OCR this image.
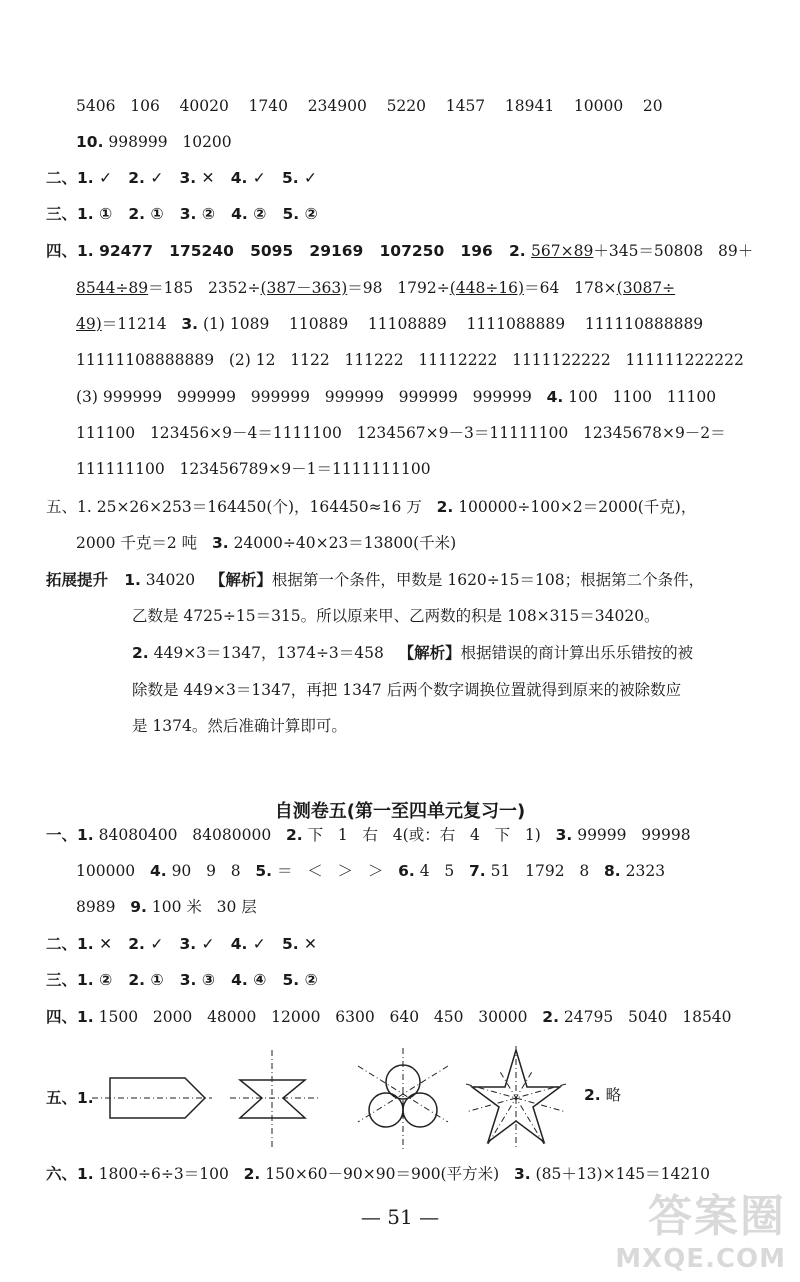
5406   106    40020    1740    234900    5220    1457    18941    10000    20
10. 998999   10200
二、1. ✓   2. ✓   3. ✕   4. ✓   5. ✓
三、1. ①   2. ①   3. ②   4. ②   5. ②
四、1. 92477   175240   5095   29169   107250   196   2. 567×89＋345＝50808   89＋
8544÷89＝185   2352÷(387－363)＝98   1792÷(448÷16)＝64   178×(3087÷
49)＝11214   3. (1) 1089    110889    11108889    1111088889    111110888889
11111108888889   (2) 12   1122   111222   11112222   1111122222   111111222222
(3) 999999   999999   999999   999999   999999   999999   4. 100   1100   11100
111100   123456×9－4＝1111100   1234567×9－3＝11111100   12345678×9－2＝
111111100   123456789×9－1＝1111111100
五、1. 25×26×253＝164450(个)，164450≈16 万   2. 100000÷100×2＝2000(千克)，
2000 千克＝2 吨   3. 24000÷40×23＝13800(千米)
拓展提升   1. 34020   【解析】根据第一个条件，甲数是 1620÷15＝108；根据第二个条件，
乙数是 4725÷15＝315。所以原来甲、乙两数的积是 108×315＝34020。
2. 449×3＝1347，1374÷3＝458   【解析】根据错误的商计算出乐乐错按的被
除数是 449×3＝1347，再把 1347 后两个数字调换位置就得到原来的被除数应
是 1374。然后准确计算即可。
自测卷五(第一至四单元复习一)
一、1. 84080400   84080000   2. 下   1   右   4(或：右   4   下   1)   3. 99999   99998
100000   4. 90   9   8   5. ＝   ＜   ＞   ＞   6. 4   5   7. 51   1792   8   8. 2323
8989   9. 100 米   30 层
二、1. ✕   2. ✓   3. ✓   4. ✓   5. ✕
三、1. ②   2. ①   3. ③   4. ④   5. ②
四、1. 1500   2000   48000   12000   6300   640   450   30000   2. 24795   5040   18540
五、1.	2. 略
六、1. 1800÷6÷3＝100   2. 150×60－90×90＝900(平方米)   3. (85＋13)×145＝14210
— 51 —	答案圈
MXQE.COM
